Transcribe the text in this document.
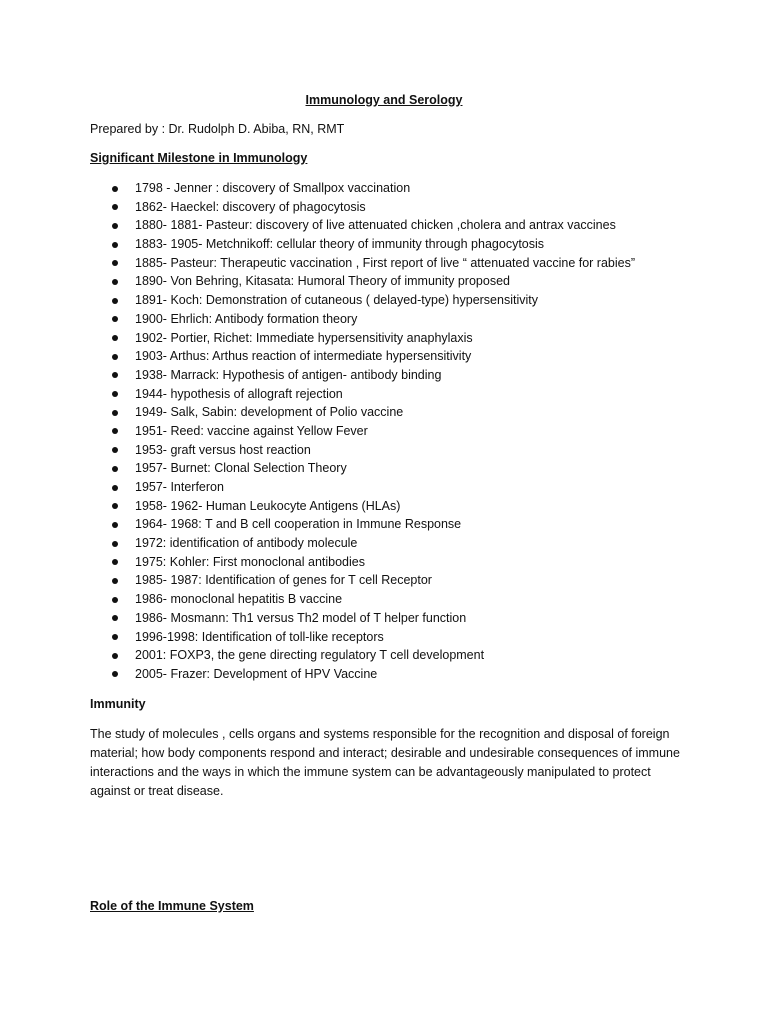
Immunology and Serology
Prepared by : Dr. Rudolph D. Abiba, RN, RMT
Significant Milestone in Immunology
1798 - Jenner : discovery of Smallpox vaccination
1862- Haeckel: discovery of phagocytosis
1880- 1881- Pasteur: discovery of live attenuated chicken ,cholera and antrax vaccines
1883- 1905- Metchnikoff: cellular theory of immunity through phagocytosis
1885- Pasteur: Therapeutic vaccination , First report of live “ attenuated vaccine for rabies”
1890- Von Behring, Kitasata: Humoral Theory of immunity proposed
1891- Koch: Demonstration of cutaneous ( delayed-type) hypersensitivity
1900- Ehrlich: Antibody formation theory
1902- Portier, Richet: Immediate hypersensitivity anaphylaxis
1903- Arthus: Arthus reaction of intermediate hypersensitivity
1938- Marrack: Hypothesis of antigen- antibody binding
1944- hypothesis of allograft rejection
1949- Salk, Sabin: development of Polio vaccine
1951- Reed: vaccine against Yellow Fever
1953- graft versus host reaction
1957- Burnet: Clonal Selection Theory
1957- Interferon
1958- 1962- Human Leukocyte Antigens (HLAs)
1964- 1968: T and B cell cooperation in Immune Response
1972: identification of antibody molecule
1975: Kohler: First monoclonal antibodies
1985- 1987: Identification of genes for T cell Receptor
1986- monoclonal hepatitis B vaccine
1986- Mosmann: Th1 versus Th2 model of T helper function
1996-1998: Identification of toll-like receptors
2001: FOXP3, the gene directing regulatory T cell development
2005- Frazer: Development of HPV Vaccine
Immunity

The study of molecules , cells organs and systems responsible for the recognition and disposal of foreign material; how body components respond and interact; desirable and undesirable consequences of immune interactions and the ways in which the immune system can be advantageously manipulated to protect against or treat disease.

Role of the Immune System
